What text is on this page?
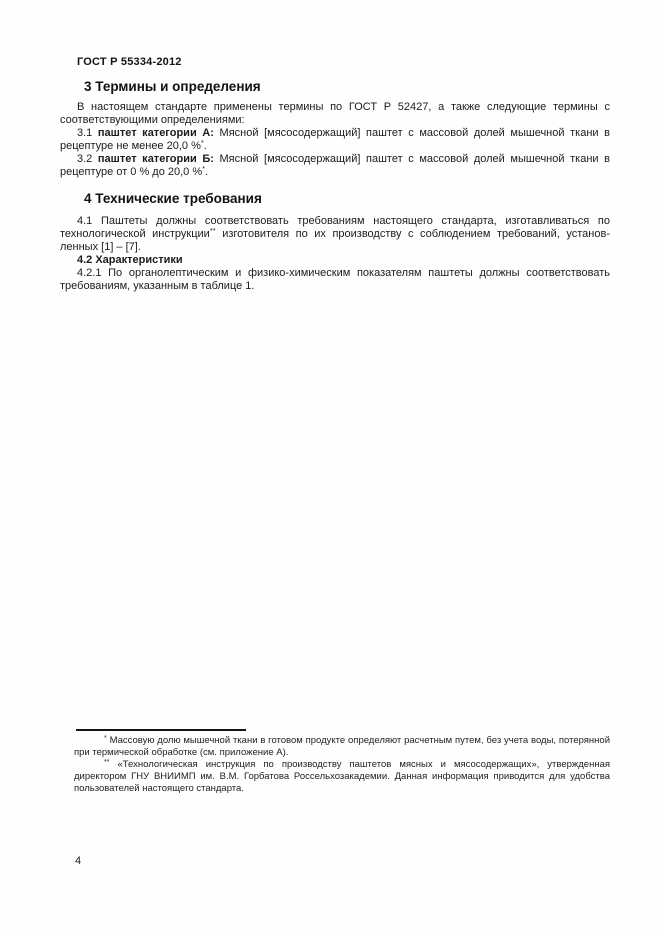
ГОСТ Р 55334-2012
3 Термины и определения

В настоящем стандарте применены термины по ГОСТ Р 52427, а также следующие термины с соответствующими определениями:

3.1 паштет категории А: Мясной [мясосодержащий] паштет с массовой долей мышечной ткани в рецептуре не менее 20,0 %*.

3.2 паштет категории Б: Мясной [мясосодержащий] паштет с массовой долей мышечной ткани в рецептуре от 0 % до 20,0 %*.

4 Технические требования

4.1 Паштеты должны соответствовать требованиям настоящего стандарта, изготавливаться по технологической инструкции** изготовителя по их производству с соблюдением требований, установленных [1] – [7].

4.2 Характеристики

4.2.1 По органолептическим и физико-химическим показателям паштеты должны соответствовать требованиям, указанным в таблице 1.

* Массовую долю мышечной ткани в готовом продукте определяют расчетным путем, без учета воды, потерянной при термической обработке (см. приложение А).

** «Технологическая инструкция по производству паштетов мясных и мясосодержащих», утвержденная директором ГНУ ВНИИМП им. В.М. Горбатова Россельхозакадемии. Данная информация приводится для удобства пользователей настоящего стандарта.

4
